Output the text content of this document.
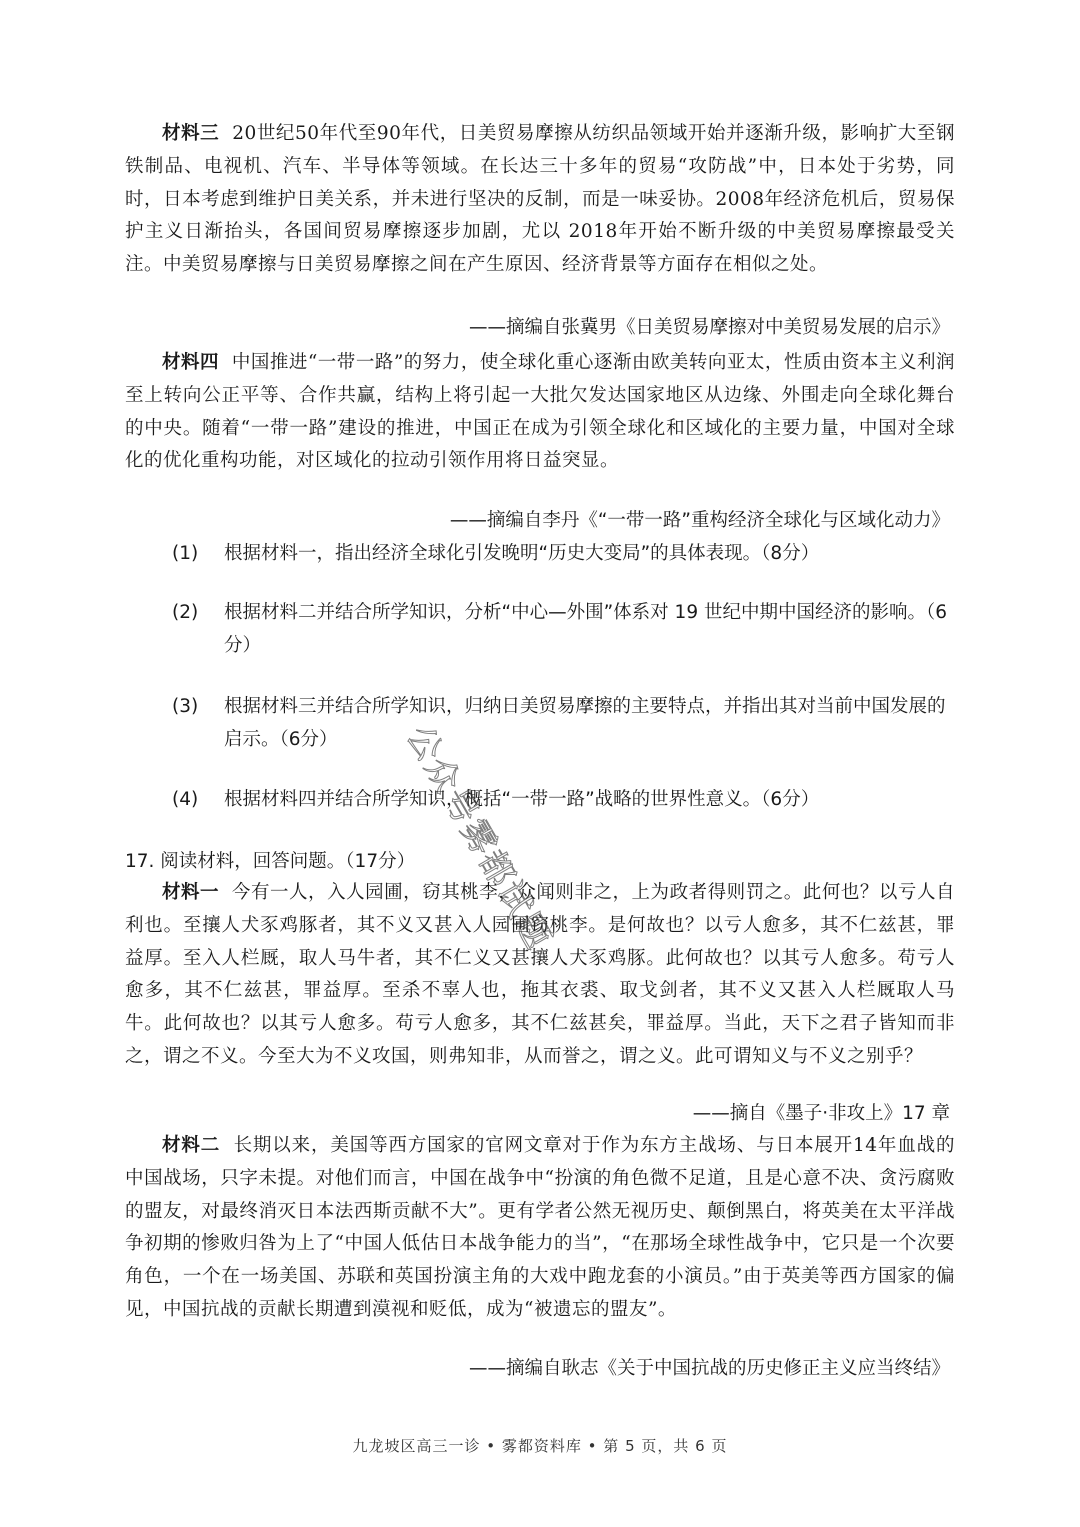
材料三 20世纪50年代至90年代，日美贸易摩擦从纺织品领域开始并逐渐升级，影响扩大至钢铁制品、电视机、汽车、半导体等领域。在长达三十多年的贸易“攻防战”中，日本处于劣势，同时，日本考虑到维护日美关系，并未进行坚决的反制，而是一味妥协。2008年经济危机后，贸易保护主义日渐抬头，各国间贸易摩擦逐步加剧，尤以 2018年开始不断升级的中美贸易摩擦最受关注。中美贸易摩擦与日美贸易摩擦之间在产生原因、经济背景等方面存在相似之处。

——摘编自张冀男《日美贸易摩擦对中美贸易发展的启示》

材料四 中国推进“一带一路”的努力，使全球化重心逐渐由欧美转向亚太，性质由资本主义利润至上转向公正平等、合作共赢，结构上将引起一大批欠发达国家地区从边缘、外围走向全球化舞台的中央。随着“一带一路”建设的推进，中国正在成为引领全球化和区域化的主要力量，中国对全球化的优化重构功能，对区域化的拉动引领作用将日益突显。

——摘编自李丹《“一带一路”重构经济全球化与区域化动力》

(1)	根据材料一，指出经济全球化引发晚明“历史大变局”的具体表现。（8分）
(2)	根据材料二并结合所学知识，分析“中心—外围”体系对 19 世纪中期中国经济的影响。（6分）
(3)	根据材料三并结合所学知识，归纳日美贸易摩擦的主要特点，并指出其对当前中国发展的启示。（6分）
(4)	根据材料四并结合所学知识，概括“一带一路”战略的世界性意义。（6分）

17. 阅读材料，回答问题。（17分）

材料一 今有一人，入人园圃，窃其桃李，众闻则非之，上为政者得则罚之。此何也？以亏人自利也。至攘人犬豕鸡豚者，其不义又甚入人园圃窃桃李。是何故也？以亏人愈多，其不仁兹甚，罪益厚。至入人栏厩，取人马牛者，其不仁义又甚攘人犬豕鸡豚。此何故也？以其亏人愈多。苟亏人愈多，其不仁兹甚，罪益厚。至杀不辜人也，拖其衣裘、取戈剑者，其不义又甚入人栏厩取人马牛。此何故也？以其亏人愈多。苟亏人愈多，其不仁兹甚矣，罪益厚。当此，天下之君子皆知而非之，谓之不义。今至大为不义攻国，则弗知非，从而誉之，谓之义。此可谓知义与不义之别乎？

——摘自《墨子·非攻上》17 章

材料二 长期以来，美国等西方国家的官网文章对于作为东方主战场、与日本展开14年血战的中国战场，只字未提。对他们而言，中国在战争中“扮演的角色微不足道，且是心意不决、贪污腐败的盟友，对最终消灭日本法西斯贡献不大”。更有学者公然无视历史、颠倒黑白，将英美在太平洋战争初期的惨败归咎为上了“中国人低估日本战争能力的当”，“在那场全球性战争中，它只是一个次要角色，一个在一场美国、苏联和英国扮演主角的大戏中跑龙套的小演员。”由于英美等西方国家的偏见，中国抗战的贡献长期遭到漠视和贬低，成为“被遗忘的盟友”。

——摘编自耿志《关于中国抗战的历史修正主义应当终结》

公众号雾都试题
九龙坡区高三一诊 • 雾都资料库 • 第 5 页，共 6 页
